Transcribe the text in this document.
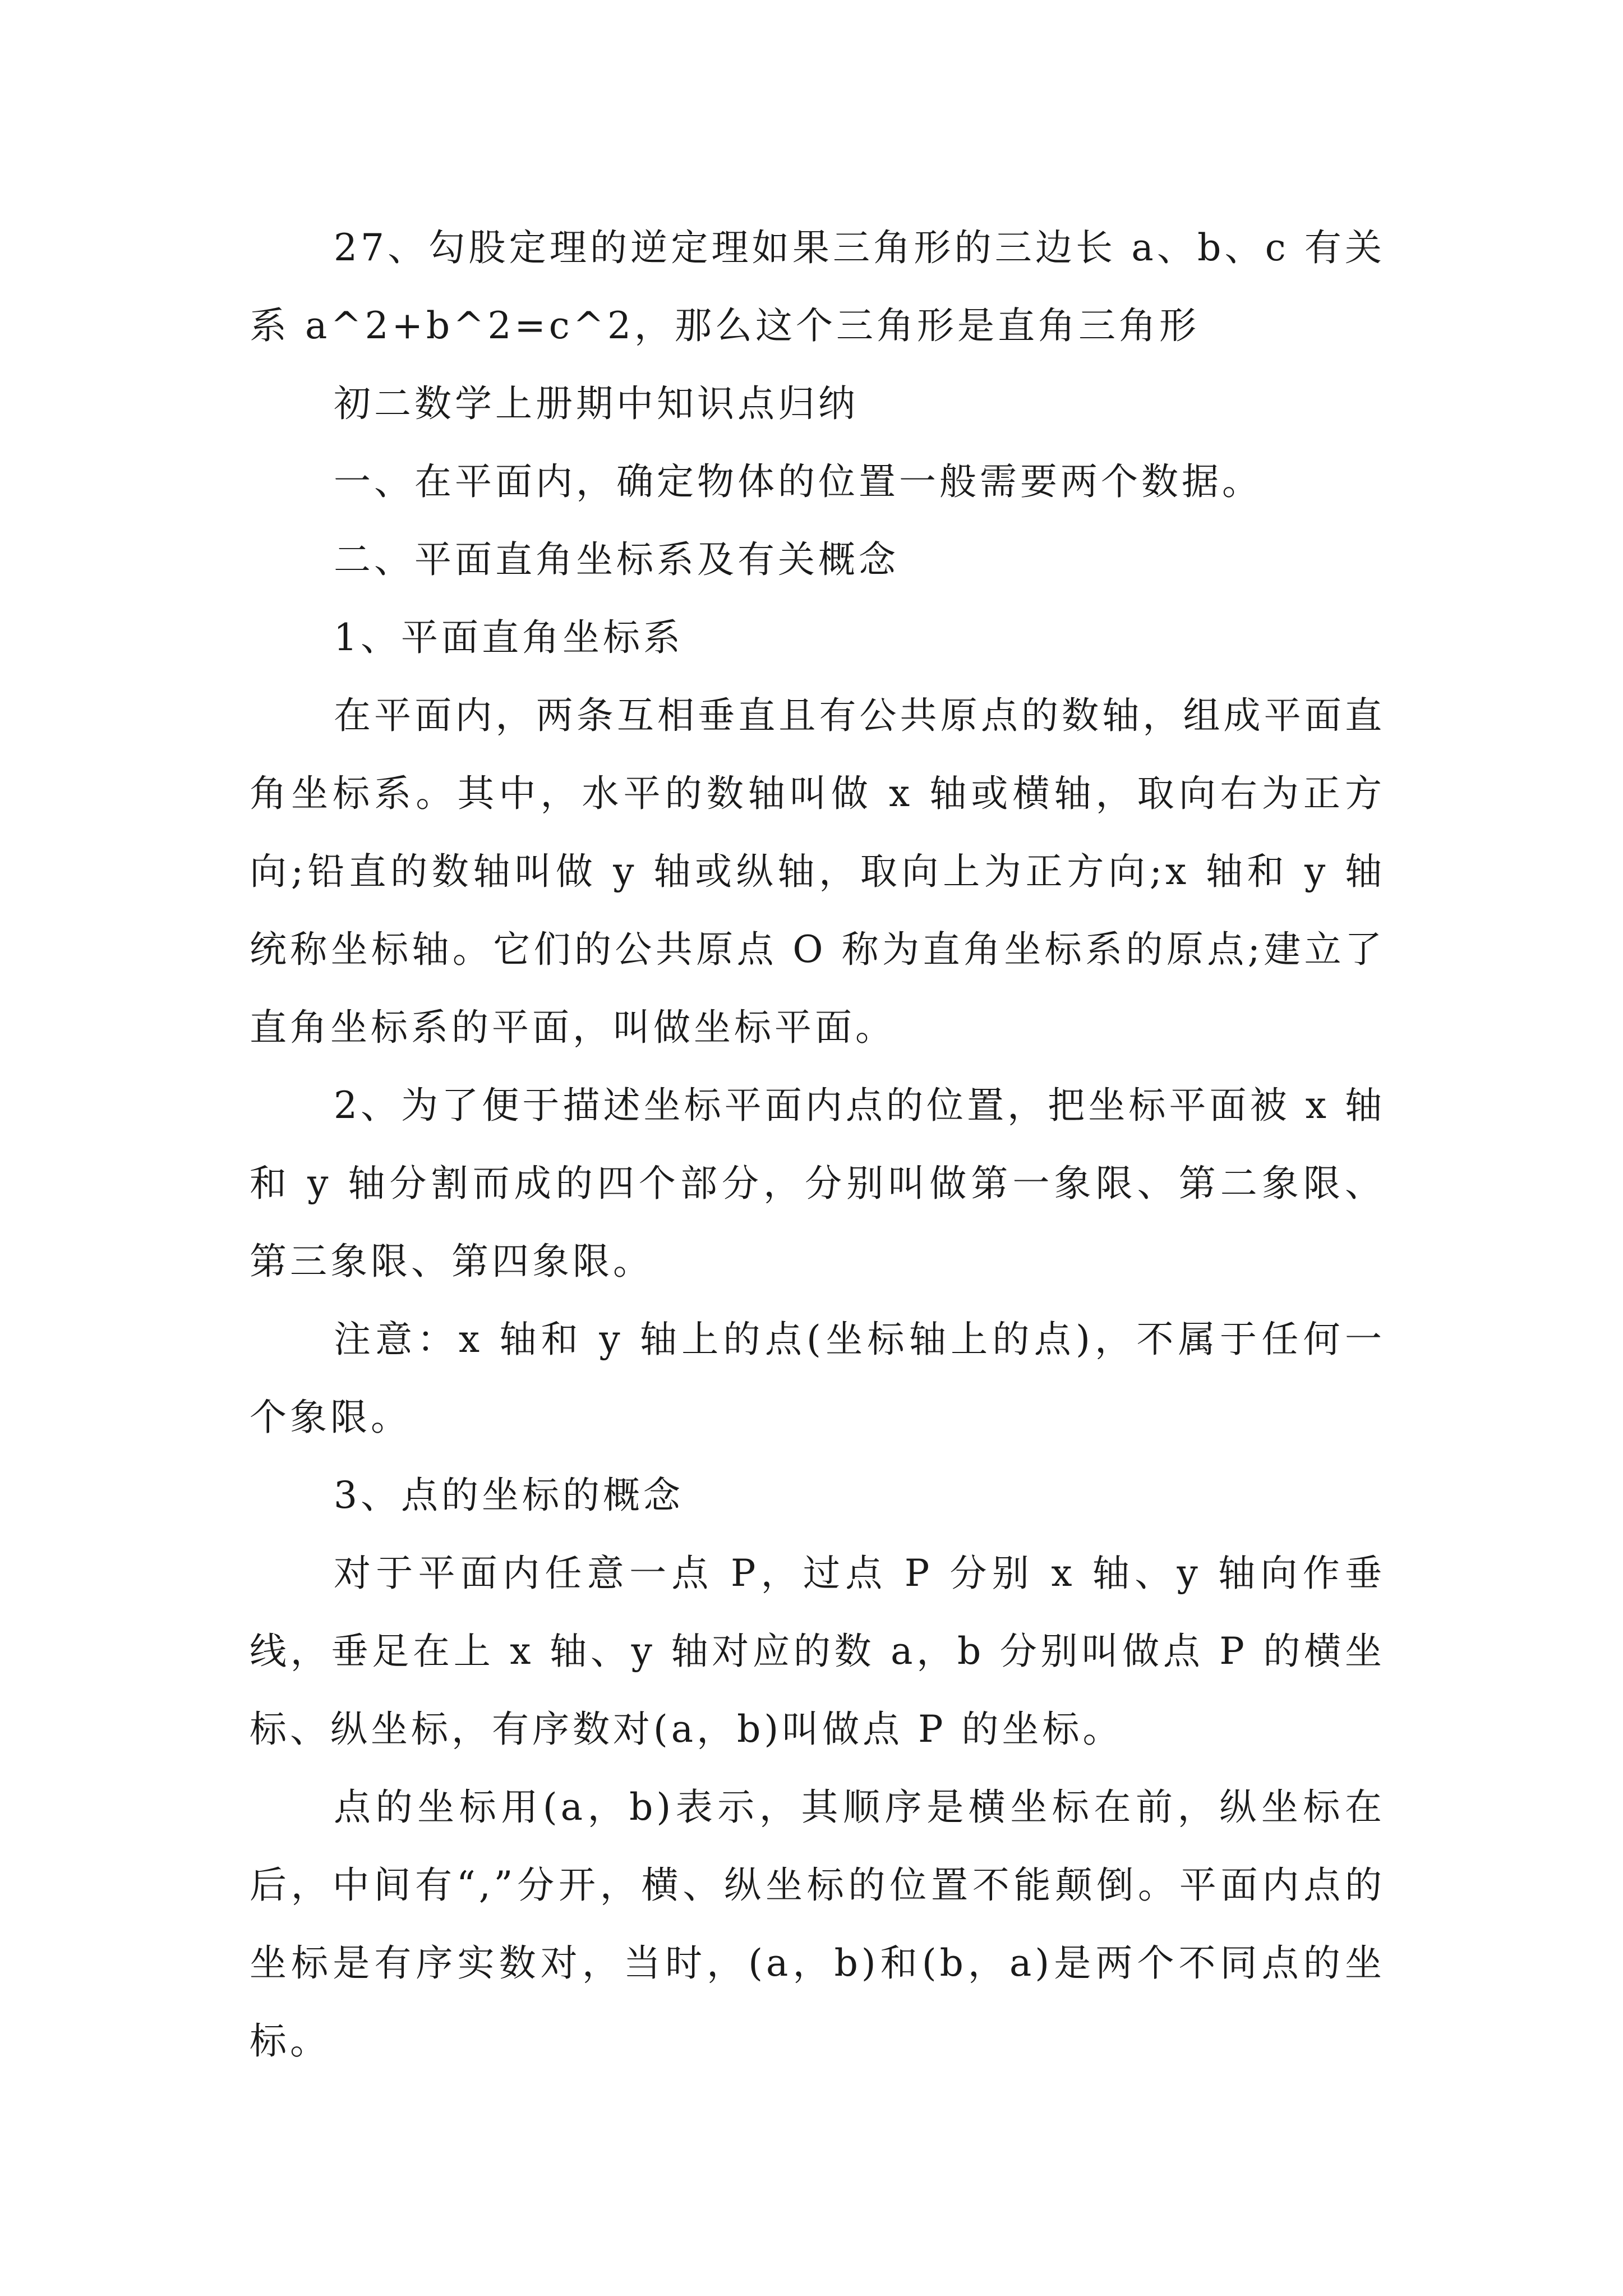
27、勾股定理的逆定理如果三角形的三边长 a、b、c 有关系 a^2+b^2=c^2，那么这个三角形是直角三角形

初二数学上册期中知识点归纳

一、在平面内，确定物体的位置一般需要两个数据。

二、平面直角坐标系及有关概念

1、平面直角坐标系

在平面内，两条互相垂直且有公共原点的数轴，组成平面直角坐标系。其中，水平的数轴叫做 x 轴或横轴，取向右为正方向;铅直的数轴叫做 y 轴或纵轴，取向上为正方向;x 轴和 y 轴统称坐标轴。它们的公共原点 O 称为直角坐标系的原点;建立了直角坐标系的平面，叫做坐标平面。

2、为了便于描述坐标平面内点的位置，把坐标平面被 x 轴和 y 轴分割而成的四个部分，分别叫做第一象限、第二象限、第三象限、第四象限。

注意：x 轴和 y 轴上的点(坐标轴上的点)，不属于任何一个象限。

3、点的坐标的概念

对于平面内任意一点 P，过点 P 分别 x 轴、y 轴向作垂线，垂足在上 x 轴、y 轴对应的数 a，b 分别叫做点 P 的横坐标、纵坐标，有序数对(a，b)叫做点 P 的坐标。

点的坐标用(a，b)表示，其顺序是横坐标在前，纵坐标在后，中间有“,”分开，横、纵坐标的位置不能颠倒。平面内点的坐标是有序实数对，当时，(a，b)和(b，a)是两个不同点的坐标。
